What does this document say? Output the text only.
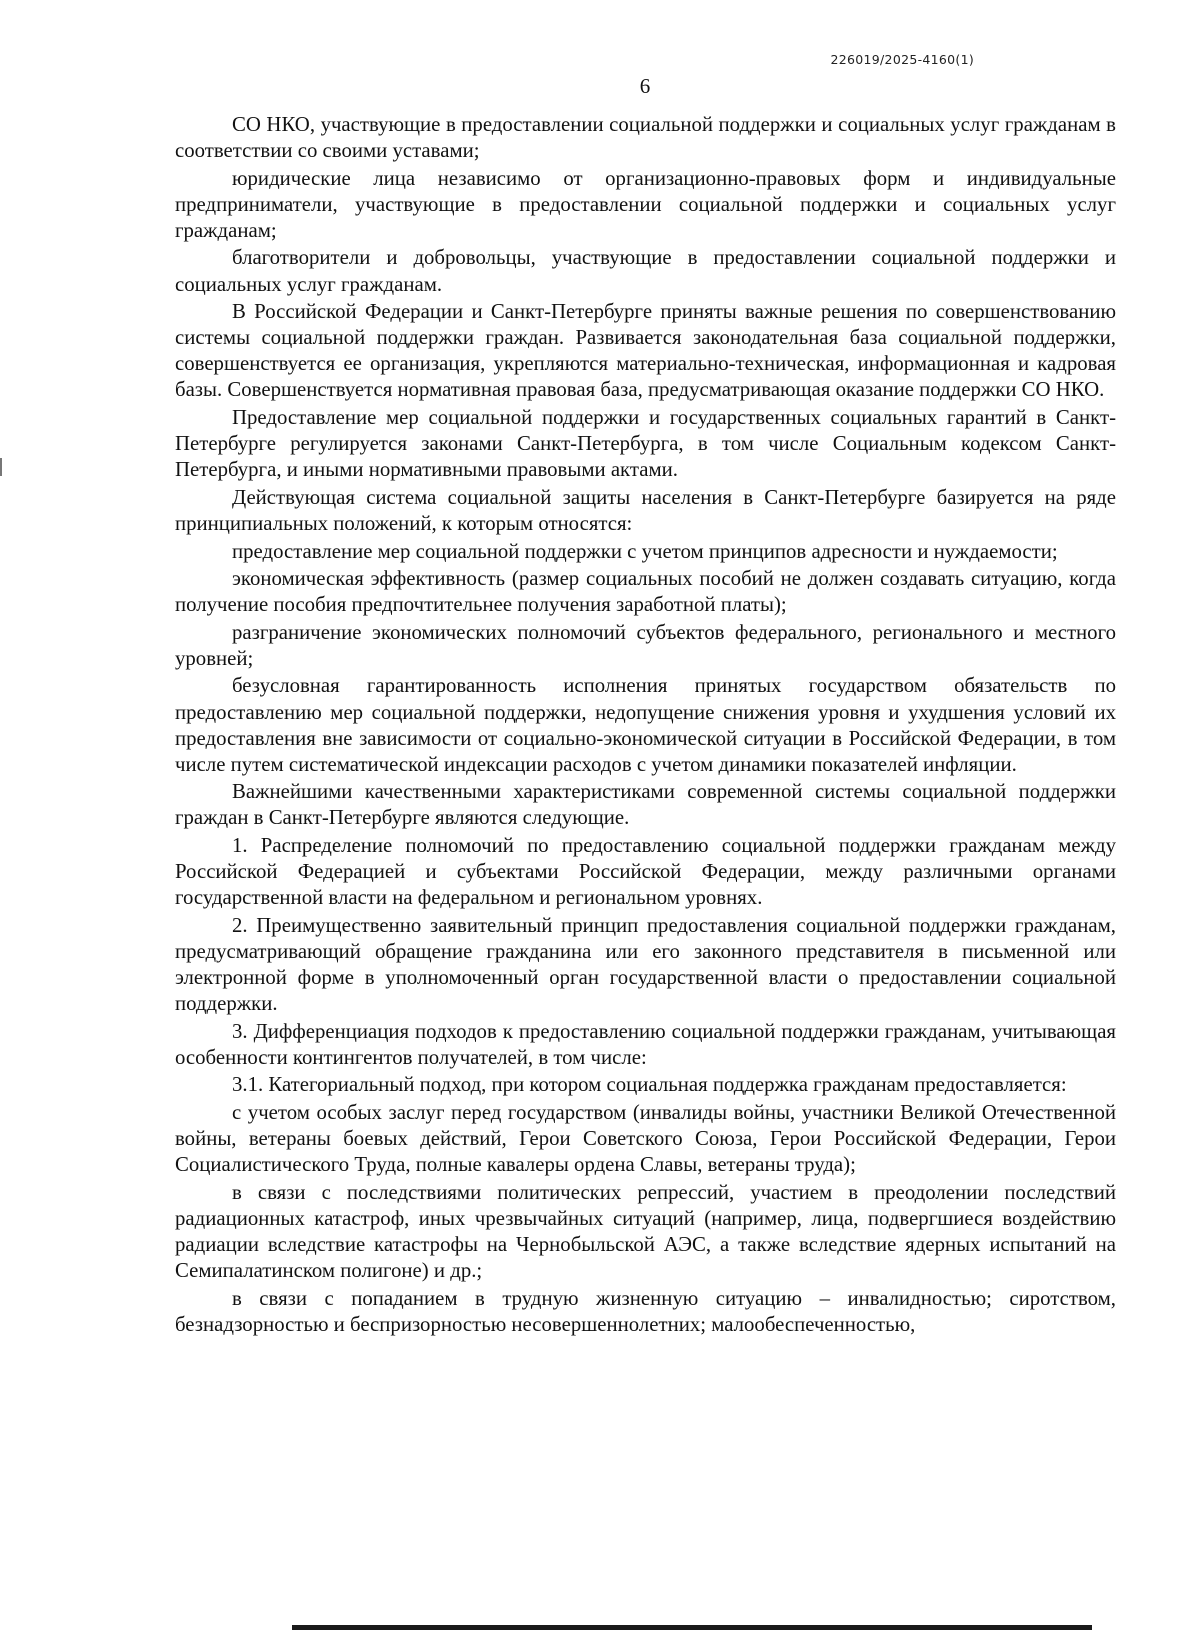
226019/2025-4160(1)
6

СО НКО, участвующие в предоставлении социальной поддержки и социальных услуг гражданам в соответствии со своими уставами;

юридические лица независимо от организационно-правовых форм и индивидуальные предприниматели, участвующие в предоставлении социальной поддержки и социальных услуг гражданам;

благотворители и добровольцы, участвующие в предоставлении социальной поддержки и социальных услуг гражданам.

В Российской Федерации и Санкт-Петербурге приняты важные решения по совершенствованию системы социальной поддержки граждан. Развивается законодательная база социальной поддержки, совершенствуется ее организация, укрепляются материально-техническая, информационная и кадровая базы. Совершенствуется нормативная правовая база, предусматривающая оказание поддержки СО НКО.

Предоставление мер социальной поддержки и государственных социальных гарантий в Санкт-Петербурге регулируется законами Санкт-Петербурга, в том числе Социальным кодексом Санкт-Петербурга, и иными нормативными правовыми актами.

Действующая система социальной защиты населения в Санкт-Петербурге базируется на ряде принципиальных положений, к которым относятся:

предоставление мер социальной поддержки с учетом принципов адресности и нуждаемости;

экономическая эффективность (размер социальных пособий не должен создавать ситуацию, когда получение пособия предпочтительнее получения заработной платы);

разграничение экономических полномочий субъектов федерального, регионального и местного уровней;

безусловная гарантированность исполнения принятых государством обязательств по предоставлению мер социальной поддержки, недопущение снижения уровня и ухудшения условий их предоставления вне зависимости от социально-экономической ситуации в Российской Федерации, в том числе путем систематической индексации расходов с учетом динамики показателей инфляции.

Важнейшими качественными характеристиками современной системы социальной поддержки граждан в Санкт-Петербурге являются следующие.

1. Распределение полномочий по предоставлению социальной поддержки гражданам между Российской Федерацией и субъектами Российской Федерации, между различными органами государственной власти на федеральном и региональном уровнях.

2. Преимущественно заявительный принцип предоставления социальной поддержки гражданам, предусматривающий обращение гражданина или его законного представителя в письменной или электронной форме в уполномоченный орган государственной власти о предоставлении социальной поддержки.

3. Дифференциация подходов к предоставлению социальной поддержки гражданам, учитывающая особенности контингентов получателей, в том числе:

3.1. Категориальный подход, при котором социальная поддержка гражданам предоставляется:

с учетом особых заслуг перед государством (инвалиды войны, участники Великой Отечественной войны, ветераны боевых действий, Герои Советского Союза, Герои Российской Федерации, Герои Социалистического Труда, полные кавалеры ордена Славы, ветераны труда);

в связи с последствиями политических репрессий, участием в преодолении последствий радиационных катастроф, иных чрезвычайных ситуаций (например, лица, подвергшиеся воздействию радиации вследствие катастрофы на Чернобыльской АЭС, а также вследствие ядерных испытаний на Семипалатинском полигоне) и др.;

в связи с попаданием в трудную жизненную ситуацию – инвалидностью; сиротством, безнадзорностью и беспризорностью несовершеннолетних; малообеспеченностью,
